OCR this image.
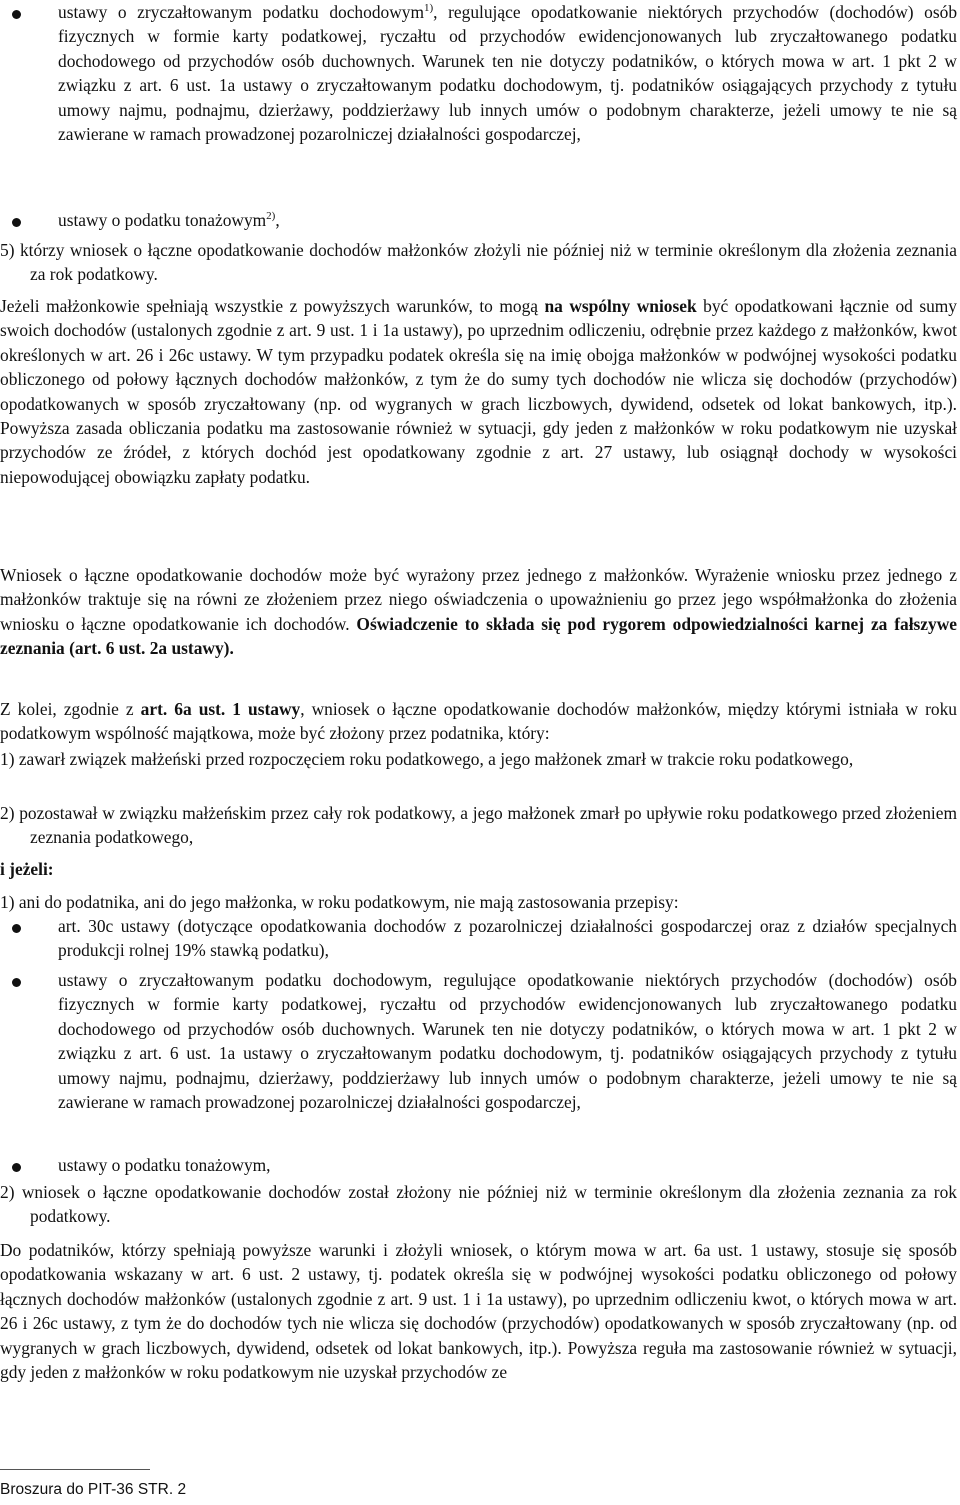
ustawy o zryczałtowanym podatku dochodowym$^{1)}$, regulujące opodatkowanie niektórych przychodów (dochodów) osób fizycznych w formie karty podatkowej, ryczałtu od przychodów ewidencjonowanych lub zryczałtowanego podatku dochodowego od przychodów osób duchownych. Warunek ten nie dotyczy podatników, o których mowa w art. 1 pkt 2 w związku z art. 6 ust. 1a ustawy o zryczałtowanym podatku dochodowym, tj. podatników osiągających przychody z tytułu umowy najmu, podnajmu, dzierżawy, poddzierżawy lub innych umów o podobnym charakterze, jeżeli umowy te nie są zawierane w ramach prowadzonej pozarolniczej działalności gospodarczej,

ustawy o podatku tonażowym$^{2)}$,

5) którzy wniosek o łączne opodatkowanie dochodów małżonków złożyli nie później niż w terminie określonym dla złożenia zeznania za rok podatkowy.

Jeżeli małżonkowie spełniają wszystkie z powyższych warunków, to mogą na wspólny wniosek być opodatkowani łącznie od sumy swoich dochodów (ustalonych zgodnie z art. 9 ust. 1 i 1a ustawy), po uprzednim odliczeniu, odrębnie przez każdego z małżonków, kwot określonych w art. 26 i 26c ustawy. W tym przypadku podatek określa się na imię obojga małżonków w podwójnej wysokości podatku obliczonego od połowy łącznych dochodów małżonków, z tym że do sumy tych dochodów nie wlicza się dochodów (przychodów) opodatkowanych w sposób zryczałtowany (np. od wygranych w grach liczbowych, dywidend, odsetek od lokat bankowych, itp.). Powyższa zasada obliczania podatku ma zastosowanie również w sytuacji, gdy jeden z małżonków w roku podatkowym nie uzyskał przychodów ze źródeł, z których dochód jest opodatkowany zgodnie z art. 27 ustawy, lub osiągnął dochody w wysokości niepowodującej obowiązku zapłaty podatku.

Wniosek o łączne opodatkowanie dochodów może być wyrażony przez jednego z małżonków. Wyrażenie wniosku przez jednego z małżonków traktuje się na równi ze złożeniem przez niego oświadczenia o upoważnieniu go przez jego współmałżonka do złożenia wniosku o łączne opodatkowanie ich dochodów. Oświadczenie to składa się pod rygorem odpowiedzialności karnej za fałszywe zeznania (art. 6 ust. 2a ustawy).

Z kolei, zgodnie z art. 6a ust. 1 ustawy, wniosek o łączne opodatkowanie dochodów małżonków, między którymi istniała w roku podatkowym wspólność majątkowa, może być złożony przez podatnika, który:

1) zawarł związek małżeński przed rozpoczęciem roku podatkowego, a jego małżonek zmarł w trakcie roku podatkowego,

2) pozostawał w związku małżeńskim przez cały rok podatkowy, a jego małżonek zmarł po upływie roku podatkowego przed złożeniem zeznania podatkowego,

i jeżeli:

1) ani do podatnika, ani do jego małżonka, w roku podatkowym, nie mają zastosowania przepisy:

art. 30c ustawy (dotyczące opodatkowania dochodów z pozarolniczej działalności gospodarczej oraz z działów specjalnych produkcji rolnej 19% stawką podatku),

ustawy o zryczałtowanym podatku dochodowym, regulujące opodatkowanie niektórych przychodów (dochodów) osób fizycznych w formie karty podatkowej, ryczałtu od przychodów ewidencjonowanych lub zryczałtowanego podatku dochodowego od przychodów osób duchownych. Warunek ten nie dotyczy podatników, o których mowa w art. 1 pkt 2 w związku z art. 6 ust. 1a ustawy o zryczałtowanym podatku dochodowym, tj. podatników osiągających przychody z tytułu umowy najmu, podnajmu, dzierżawy, poddzierżawy lub innych umów o podobnym charakterze, jeżeli umowy te nie są zawierane w ramach prowadzonej pozarolniczej działalności gospodarczej,

ustawy o podatku tonażowym,

2) wniosek o łączne opodatkowanie dochodów został złożony nie później niż w terminie określonym dla złożenia zeznania za rok podatkowy.

Do podatników, którzy spełniają powyższe warunki i złożyli wniosek, o którym mowa w art. 6a ust. 1 ustawy, stosuje się sposób opodatkowania wskazany w art. 6 ust. 2 ustawy, tj. podatek określa się w podwójnej wysokości podatku obliczonego od połowy łącznych dochodów małżonków (ustalonych zgodnie z art. 9 ust. 1 i 1a ustawy), po uprzednim odliczeniu kwot, o których mowa w art. 26 i 26c ustawy, z tym że do dochodów tych nie wlicza się dochodów (przychodów) opodatkowanych w sposób zryczałtowany (np. od wygranych w grach liczbowych, dywidend, odsetek od lokat bankowych, itp.). Powyższa reguła ma zastosowanie również w sytuacji, gdy jeden z małżonków w roku podatkowym nie uzyskał przychodów ze

Broszura do PIT-36 STR. 2
